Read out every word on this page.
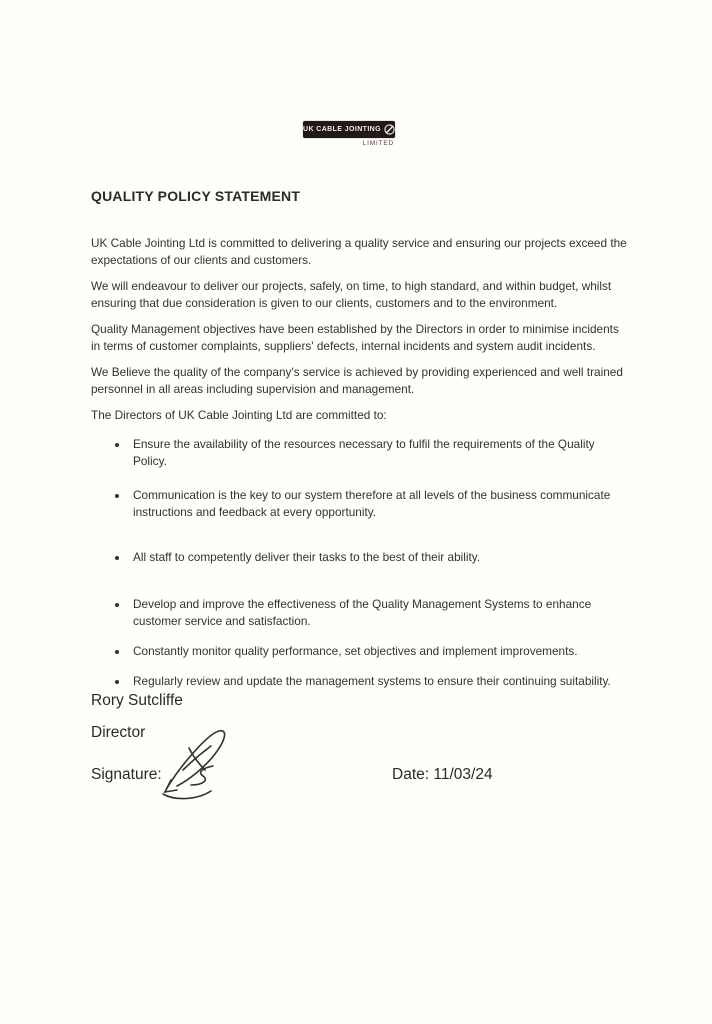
UK CABLE JOINTING
LIMITED
QUALITY POLICY STATEMENT

UK Cable Jointing Ltd is committed to delivering a quality service and ensuring our projects exceed the expectations of our clients and customers.

We will endeavour to deliver our projects, safely, on time, to high standard, and within budget, whilst ensuring that due consideration is given to our clients, customers and to the environment.

Quality Management objectives have been established by the Directors in order to minimise incidents in terms of customer complaints, suppliers' defects, internal incidents and system audit incidents.

We Believe the quality of the company's service is achieved by providing experienced and well trained personnel in all areas including supervision and management.

The Directors of UK Cable Jointing Ltd are committed to:

• Ensure the availability of the resources necessary to fulfil the requirements of the Quality Policy.
• Communication is the key to our system therefore at all levels of the business communicate instructions and feedback at every opportunity.
• All staff to competently deliver their tasks to the best of their ability.
• Develop and improve the effectiveness of the Quality Management Systems to enhance customer service and satisfaction.
• Constantly monitor quality performance, set objectives and implement improvements.
• Regularly review and update the management systems to ensure their continuing suitability.

Rory Sutcliffe

Director

Signature:	Date: 11/03/24
